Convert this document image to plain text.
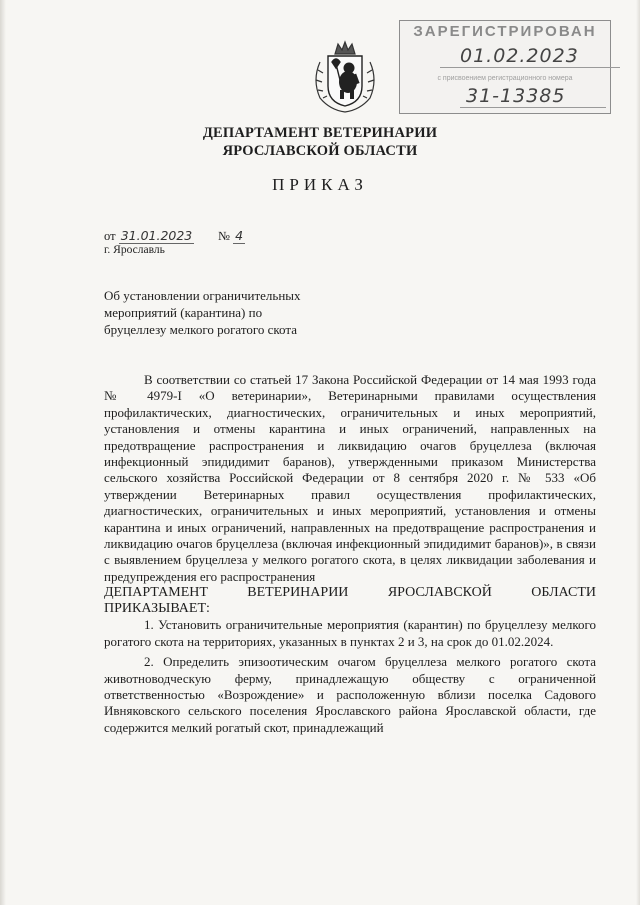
ЗАРЕГИСТРИРОВАН
01.02.2023
с присвоением регистрационного номера
31-13385
ДЕПАРТАМЕНТ ВЕТЕРИНАРИИ
ЯРОСЛАВСКОЙ ОБЛАСТИ
ПРИКАЗ
от 31.01.2023 № 4
г. Ярославль
Об установлении ограничительных
мероприятий (карантина) по
бруцеллезу мелкого рогатого скота

В соответствии со статьей 17 Закона Российской Федерации от 14 мая 1993 года № 4979-I «О ветеринарии», Ветеринарными правилами осуществления профилактических, диагностических, ограничительных и иных мероприятий, установления и отмены карантина и иных ограничений, направленных на предотвращение распространения и ликвидацию очагов бруцеллеза (включая инфекционный эпидидимит баранов), утвержденными приказом Министерства сельского хозяйства Российской Федерации от 8 сентября 2020 г. № 533 «Об утверждении Ветеринарных правил осуществления профилактических, диагностических, ограничительных и иных мероприятий, установления и отмены карантина и иных ограничений, направленных на предотвращение распространения и ликвидацию очагов бруцеллеза (включая инфекционный эпидидимит баранов)», в связи с выявлением бруцеллеза у мелкого рогатого скота, в целях ликвидации заболевания и предупреждения его распространения

ДЕПАРТАМЕНТ	ВЕТЕРИНАРИИ	ЯРОСЛАВСКОЙ	ОБЛАСТИ
ПРИКАЗЫВАЕТ:

1. Установить ограничительные мероприятия (карантин) по бруцеллезу мелкого рогатого скота на территориях, указанных в пунктах 2 и 3, на срок до 01.02.2024.

2. Определить эпизоотическим очагом бруцеллеза мелкого рогатого скота животноводческую ферму, принадлежащую обществу с ограниченной ответственностью «Возрождение» и расположенную вблизи поселка Садового Ивняковского сельского поселения Ярославского района Ярославской области, где содержится мелкий рогатый скот, принадлежащий
